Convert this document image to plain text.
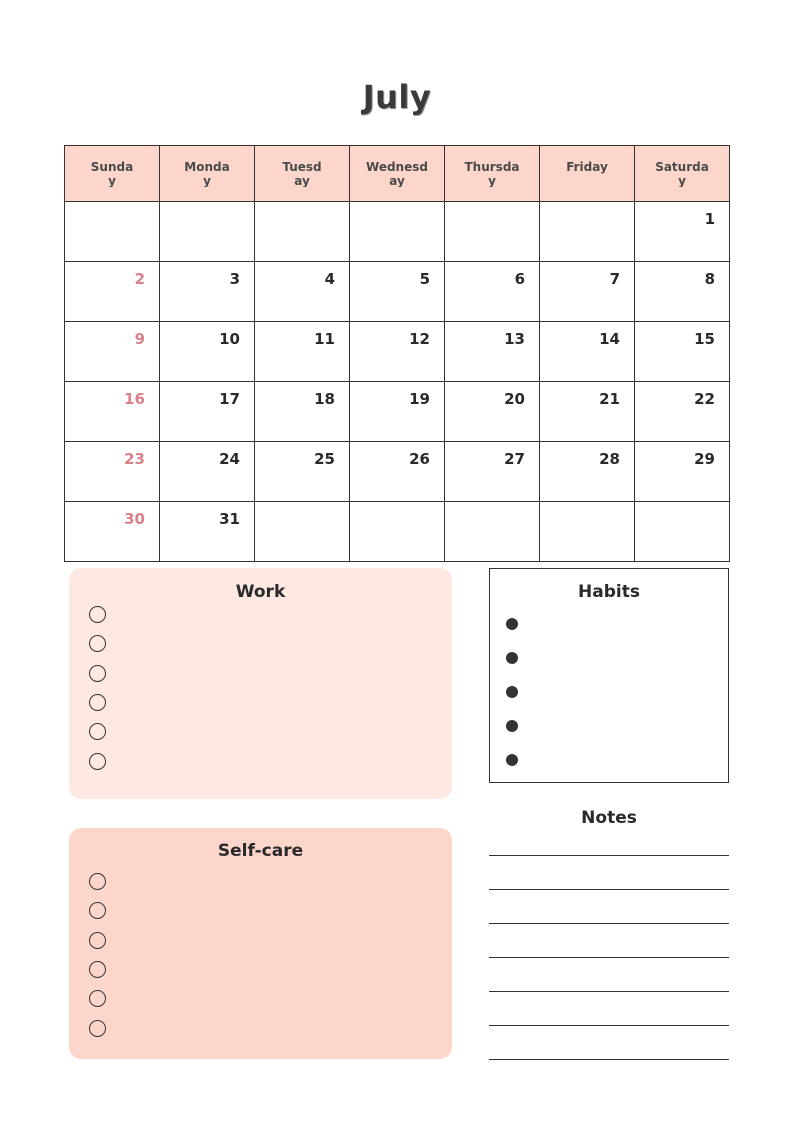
July
Sunday	Monday	Tuesday	Wednesday	Thursday	Friday	Saturday

						1
2	3	4	5	6	7	8
9	10	11	12	13	14	15
16	17	18	19	20	21	22
23	24	25	26	27	28	29
30	31					
Work	Habits
Self-care
Notes
